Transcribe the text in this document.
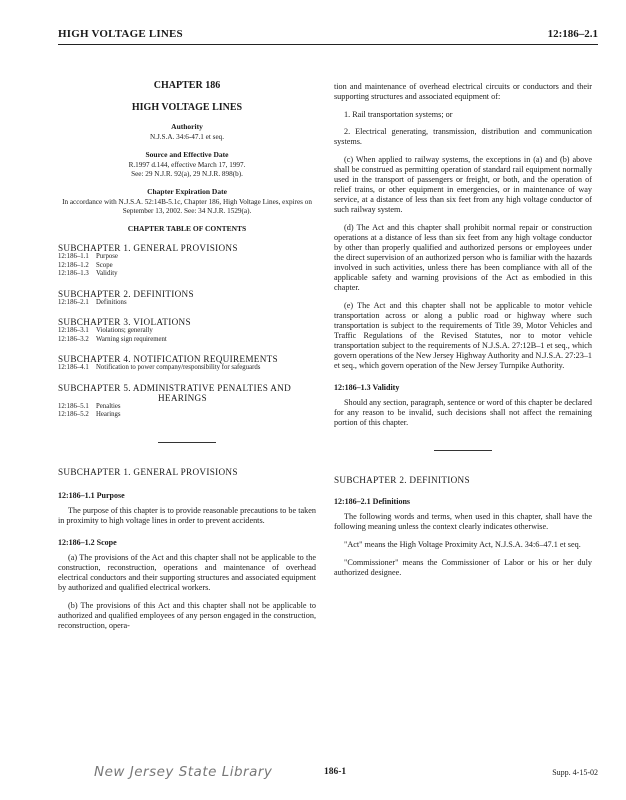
HIGH VOLTAGE LINES	12:186–2.1
CHAPTER 186
HIGH VOLTAGE LINES
Authority
N.J.S.A. 34:6-47.1 et seq.
Source and Effective Date
R.1997 d.144, effective March 17, 1997.
See: 29 N.J.R. 92(a), 29 N.J.R. 898(b).
Chapter Expiration Date
In accordance with N.J.S.A. 52:14B-5.1c, Chapter 186, High Voltage Lines, expires on September 13, 2002. See: 34 N.J.R. 1529(a).
CHAPTER TABLE OF CONTENTS
SUBCHAPTER 1. GENERAL PROVISIONS
12:186–1.1	Purpose
12:186–1.2	Scope
12:186–1.3	Validity
SUBCHAPTER 2. DEFINITIONS
12:186–2.1	Definitions
SUBCHAPTER 3. VIOLATIONS
12:186–3.1	Violations; generally
12:186–3.2	Warning sign requirement
SUBCHAPTER 4. NOTIFICATION REQUIREMENTS
12:186–4.1	Notification to power company/responsibility for safeguards
SUBCHAPTER 5. ADMINISTRATIVE PENALTIES AND
HEARINGS
12:186–5.1	Penalties
12:186–5.2	Hearings
SUBCHAPTER 1. GENERAL PROVISIONS
12:186–1.1 Purpose
The purpose of this chapter is to provide reasonable precautions to be taken in proximity to high voltage lines in order to prevent accidents.
12:186–1.2 Scope
(a) The provisions of the Act and this chapter shall not be applicable to the construction, reconstruction, operations and maintenance of overhead electrical conductors and their supporting structures and associated equipment by authorized and qualified electrical workers.
(b) The provisions of this Act and this chapter shall not be applicable to authorized and qualified employees of any person engaged in the construction, reconstruction, opera-
tion and maintenance of overhead electrical circuits or conductors and their supporting structures and associated equipment of:
1. Rail transportation systems; or
2. Electrical generating, transmission, distribution and communication systems.
(c) When applied to railway systems, the exceptions in (a) and (b) above shall be construed as permitting operation of standard rail equipment normally used in the transport of passengers or freight, or both, and the operation of relief trains, or other equipment in emergencies, or in maintenance of way service, at a distance of less than six feet from any high voltage conductor of such railway system.
(d) The Act and this chapter shall prohibit normal repair or construction operations at a distance of less than six feet from any high voltage conductor by other than properly qualified and authorized persons or employees under the direct supervision of an authorized person who is familiar with the hazards involved in such activities, unless there has been compliance with all of the applicable safety and warning provisions of the Act as embodied in this chapter.
(e) The Act and this chapter shall not be applicable to motor vehicle transportation across or along a public road or highway where such transportation is subject to the requirements of Title 39, Motor Vehicles and Traffic Regulations of the Revised Statutes, nor to motor vehicle transportation subject to the requirements of N.J.S.A. 27:12B–1 et seq., which govern operations of the New Jersey Highway Authority and N.J.S.A. 27:23–1 et seq., which govern operation of the New Jersey Turnpike Authority.
12:186–1.3 Validity
Should any section, paragraph, sentence or word of this chapter be declared for any reason to be invalid, such decisions shall not affect the remaining portion of this chapter.
SUBCHAPTER 2. DEFINITIONS
12:186–2.1 Definitions
The following words and terms, when used in this chapter, shall have the following meaning unless the context clearly indicates otherwise.
"Act" means the High Voltage Proximity Act, N.J.S.A. 34:6–47.1 et seq.
"Commissioner" means the Commissioner of Labor or his or her duly authorized designee.
New Jersey State Library	186-1	Supp. 4-15-02
